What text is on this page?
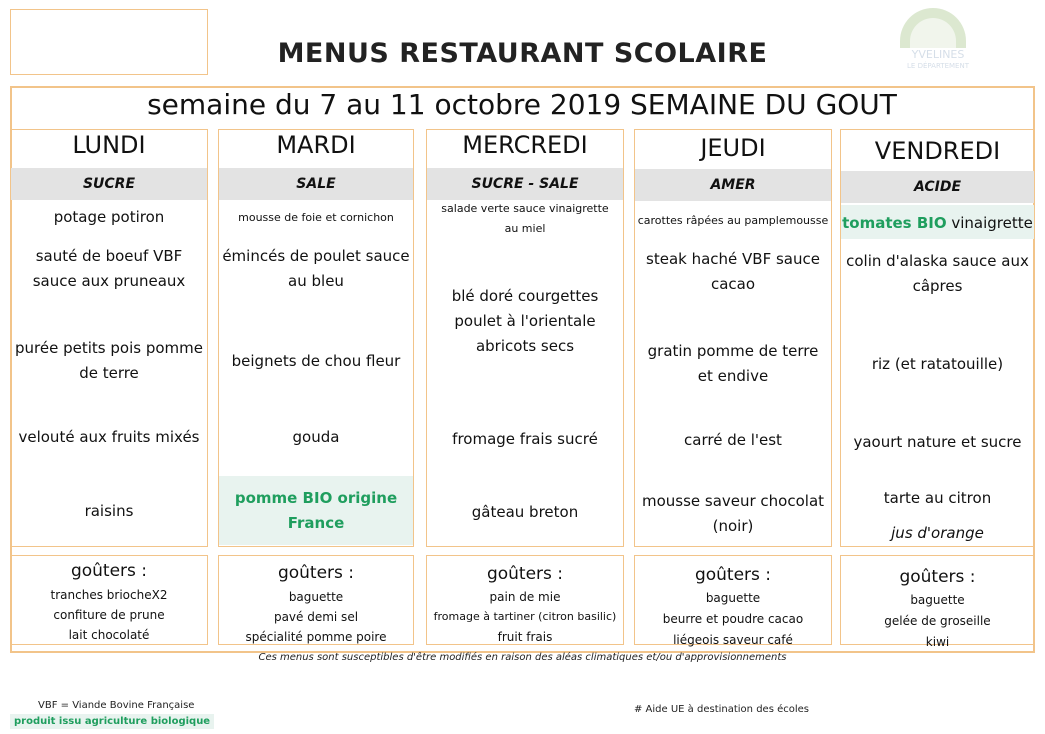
MENUS RESTAURANT SCOLAIRE	YVELINES
LE DÉPARTEMENT
semaine du 7 au 11 octobre 2019 SEMAINE DU GOUT
LUNDI
SUCRE
potage potiron
sauté de boeuf VBF
sauce aux pruneaux
purée petits pois pomme
de terre
velouté aux fruits mixés
raisins
MARDI
SALE
mousse de foie et cornichon
émincés de poulet sauce
au bleu
beignets de chou fleur
gouda
pomme BIO origine
France
MERCREDI
SUCRE - SALE
salade verte sauce vinaigrette
au miel
blé doré courgettes
poulet à l'orientale
abricots secs
fromage frais sucré
gâteau breton
JEUDI
AMER
carottes râpées au pamplemousse
steak haché VBF sauce
cacao
gratin pomme de terre
et endive
carré de l'est
mousse saveur chocolat
(noir)
VENDREDI
ACIDE
tomates BIO vinaigrette
colin d'alaska sauce aux
câpres
riz (et ratatouille)
yaourt nature et sucre
tarte au citron
jus d'orange
goûters :
tranches briocheX2
confiture de prune
lait chocolaté
goûters :
baguette
pavé demi sel
spécialité pomme poire
goûters :
pain de mie
fromage à tartiner (citron basilic)
fruit frais
goûters :
baguette
beurre et poudre cacao
liégeois saveur café
goûters :
baguette
gelée de groseille
kiwi
Ces menus sont susceptibles d'être modifiés en raison des aléas climatiques et/ou d'approvisionnements
VBF = Viande Bovine Française
produit issu agriculture biologique
# Aide UE à destination des écoles
